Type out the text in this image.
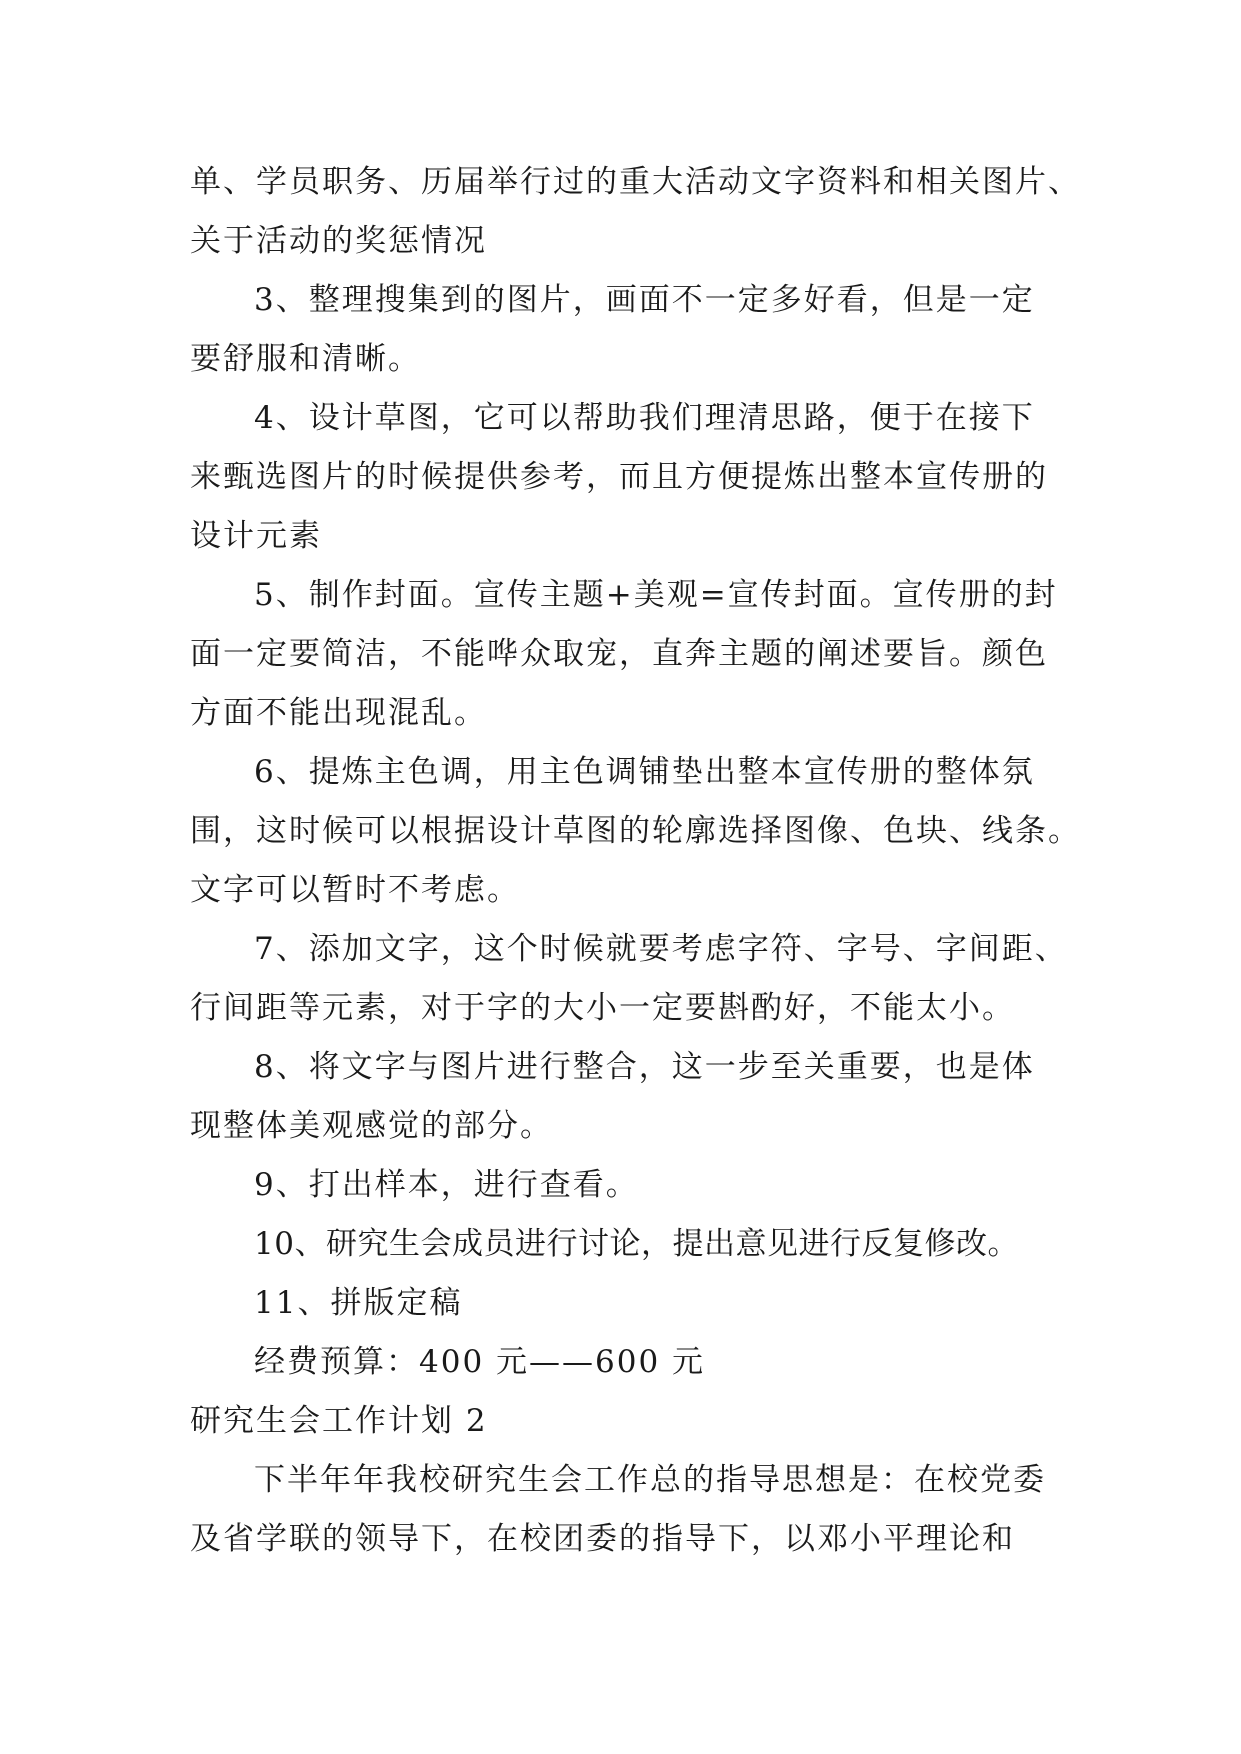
单、学员职务、历届举行过的重大活动文字资料和相关图片、
关于活动的奖惩情况
3、整理搜集到的图片，画面不一定多好看，但是一定
要舒服和清晰。
4、设计草图，它可以帮助我们理清思路，便于在接下
来甄选图片的时候提供参考，而且方便提炼出整本宣传册的
设计元素
5、制作封面。宣传主题+美观=宣传封面。宣传册的封
面一定要简洁，不能哗众取宠，直奔主题的阐述要旨。颜色
方面不能出现混乱。
6、提炼主色调，用主色调铺垫出整本宣传册的整体氛
围，这时候可以根据设计草图的轮廓选择图像、色块、线条。
文字可以暂时不考虑。
7、添加文字，这个时候就要考虑字符、字号、字间距、
行间距等元素，对于字的大小一定要斟酌好，不能太小。
8、将文字与图片进行整合，这一步至关重要，也是体
现整体美观感觉的部分。
9、打出样本，进行查看。
10、研究生会成员进行讨论，提出意见进行反复修改。
11、拼版定稿
经费预算：400 元——600 元
研究生会工作计划 2
下半年年我校研究生会工作总的指导思想是：在校党委
及省学联的领导下，在校团委的指导下，以邓小平理论和
